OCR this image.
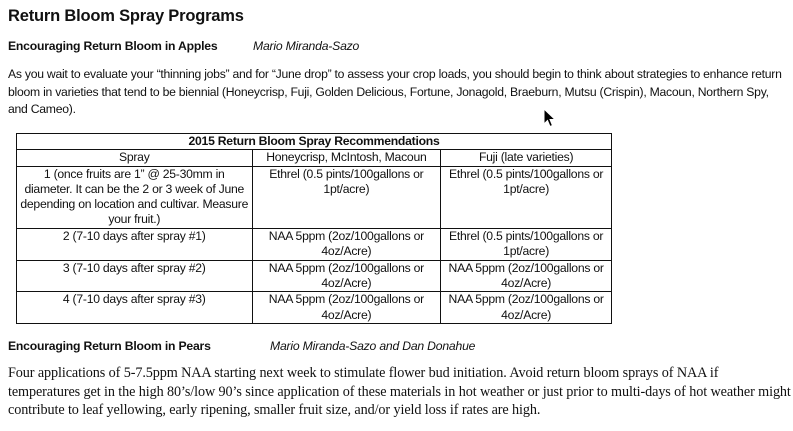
Return Bloom Spray Programs
Encouraging Return Bloom in Apples	Mario Miranda-Sazo
As you wait to evaluate your “thinning jobs” and for “June drop” to assess your crop loads, you should begin to think about strategies to enhance return bloom in varieties that tend to be biennial (Honeycrisp, Fuji, Golden Delicious, Fortune, Jonagold, Braeburn, Mutsu (Crispin), Macoun, Northern Spy, and Cameo).
2015 Return Bloom Spray Recommendations		
Spray	Honeycrisp, McIntosh, Macoun	Fuji (late varieties)
1 (once fruits are 1” @ 25-30mm in diameter. It can be the 2 or 3 week of June depending on location and cultivar. Measure your fruit.)	Ethrel (0.5 pints/100gallons or 1pt/acre)	Ethrel (0.5 pints/100gallons or 1pt/acre)
2 (7-10 days after spray #1)	NAA 5ppm (2oz/100gallons or 4oz/Acre)	Ethrel (0.5 pints/100gallons or 1pt/acre)
3 (7-10 days after spray #2)	NAA 5ppm (2oz/100gallons or 4oz/Acre)	NAA 5ppm (2oz/100gallons or 4oz/Acre)
4 (7-10 days after spray #3)	NAA 5ppm (2oz/100gallons or 4oz/Acre)	NAA 5ppm (2oz/100gallons or 4oz/Acre)
Encouraging Return Bloom in Pears	Mario Miranda-Sazo and Dan Donahue
Four applications of 5-7.5ppm NAA starting next week to stimulate flower bud initiation. Avoid return bloom sprays of NAA if temperatures get in the high 80’s/low 90’s since application of these materials in hot weather or just prior to multi-days of hot weather might contribute to leaf yellowing, early ripening, smaller fruit size, and/or yield loss if rates are high.
